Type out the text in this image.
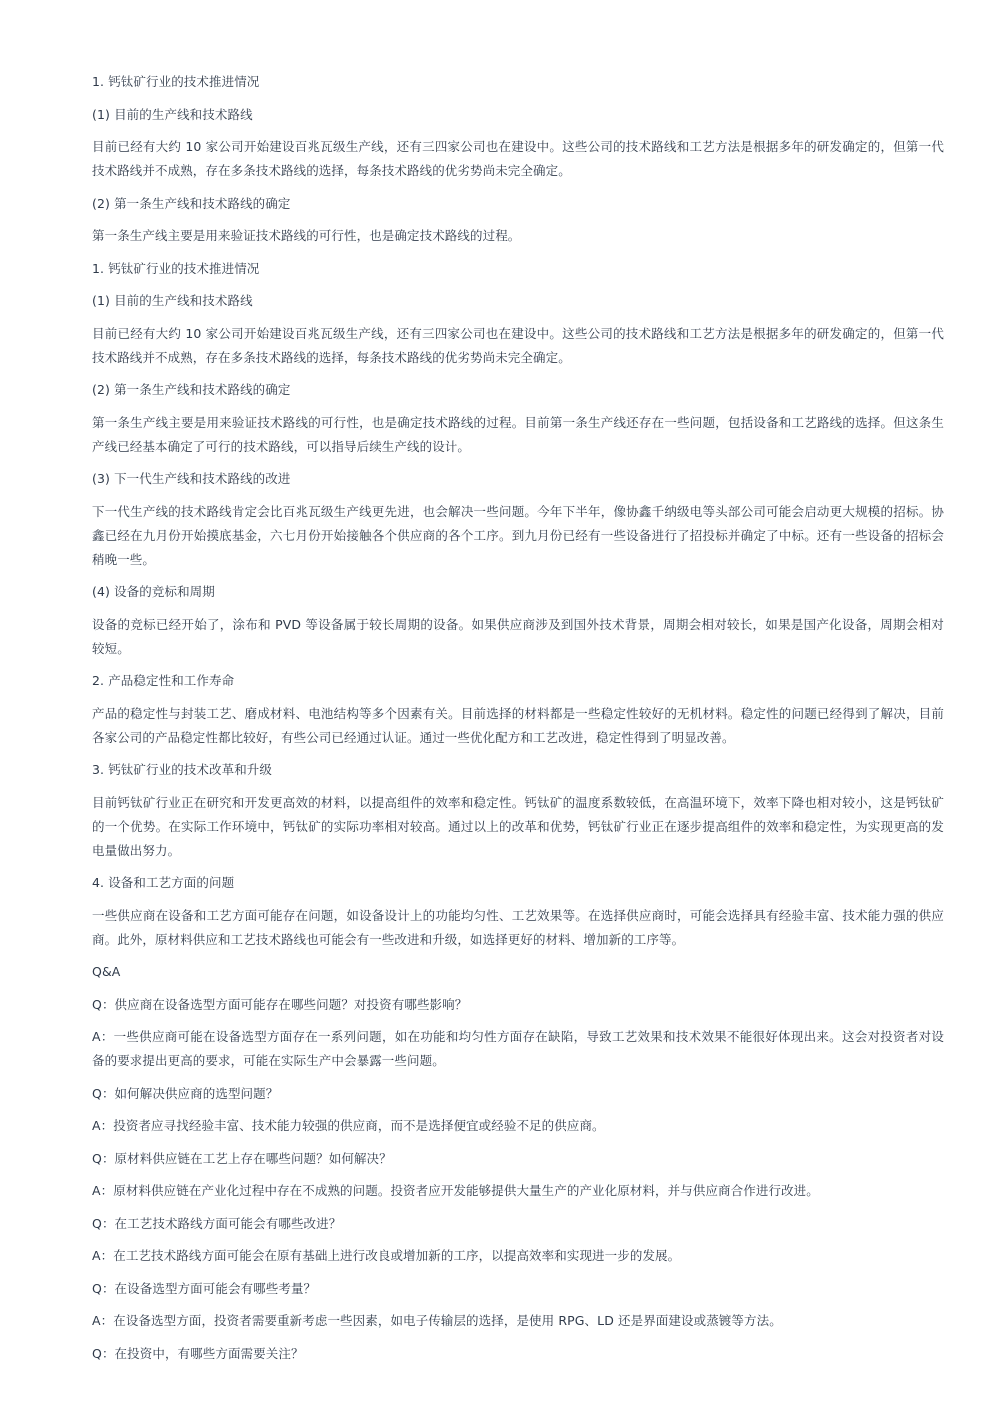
1. 钙钛矿行业的技术推进情况

(1) 目前的生产线和技术路线

目前已经有大约 10 家公司开始建设百兆瓦级生产线，还有三四家公司也在建设中。这些公司的技术路线和工艺方法是根据多年的研发确定的，但第一代技术路线并不成熟，存在多条技术路线的选择，每条技术路线的优劣势尚未完全确定。

(2) 第一条生产线和技术路线的确定

第一条生产线主要是用来验证技术路线的可行性，也是确定技术路线的过程。

1. 钙钛矿行业的技术推进情况

(1) 目前的生产线和技术路线

目前已经有大约 10 家公司开始建设百兆瓦级生产线，还有三四家公司也在建设中。这些公司的技术路线和工艺方法是根据多年的研发确定的，但第一代技术路线并不成熟，存在多条技术路线的选择，每条技术路线的优劣势尚未完全确定。

(2) 第一条生产线和技术路线的确定

第一条生产线主要是用来验证技术路线的可行性，也是确定技术路线的过程。目前第一条生产线还存在一些问题，包括设备和工艺路线的选择。但这条生产线已经基本确定了可行的技术路线，可以指导后续生产线的设计。

(3) 下一代生产线和技术路线的改进

下一代生产线的技术路线肯定会比百兆瓦级生产线更先进，也会解决一些问题。今年下半年，像协鑫千纳级电等头部公司可能会启动更大规模的招标。协鑫已经在九月份开始摸底基金，六七月份开始接触各个供应商的各个工序。到九月份已经有一些设备进行了招投标并确定了中标。还有一些设备的招标会稍晚一些。

(4) 设备的竞标和周期

设备的竞标已经开始了，涂布和 PVD 等设备属于较长周期的设备。如果供应商涉及到国外技术背景，周期会相对较长，如果是国产化设备，周期会相对较短。

2. 产品稳定性和工作寿命

产品的稳定性与封装工艺、磨成材料、电池结构等多个因素有关。目前选择的材料都是一些稳定性较好的无机材料。稳定性的问题已经得到了解决，目前各家公司的产品稳定性都比较好，有些公司已经通过认证。通过一些优化配方和工艺改进，稳定性得到了明显改善。

3. 钙钛矿行业的技术改革和升级

目前钙钛矿行业正在研究和开发更高效的材料，以提高组件的效率和稳定性。钙钛矿的温度系数较低，在高温环境下，效率下降也相对较小，这是钙钛矿的一个优势。在实际工作环境中，钙钛矿的实际功率相对较高。通过以上的改革和优势，钙钛矿行业正在逐步提高组件的效率和稳定性，为实现更高的发电量做出努力。

4. 设备和工艺方面的问题

一些供应商在设备和工艺方面可能存在问题，如设备设计上的功能均匀性、工艺效果等。在选择供应商时，可能会选择具有经验丰富、技术能力强的供应商。此外，原材料供应和工艺技术路线也可能会有一些改进和升级，如选择更好的材料、增加新的工序等。

Q&A

Q：供应商在设备选型方面可能存在哪些问题？对投资有哪些影响？

A：一些供应商可能在设备选型方面存在一系列问题，如在功能和均匀性方面存在缺陷，导致工艺效果和技术效果不能很好体现出来。这会对投资者对设备的要求提出更高的要求，可能在实际生产中会暴露一些问题。

Q：如何解决供应商的选型问题？

A：投资者应寻找经验丰富、技术能力较强的供应商，而不是选择便宜或经验不足的供应商。

Q：原材料供应链在工艺上存在哪些问题？如何解决？

A：原材料供应链在产业化过程中存在不成熟的问题。投资者应开发能够提供大量生产的产业化原材料，并与供应商合作进行改进。

Q：在工艺技术路线方面可能会有哪些改进？

A：在工艺技术路线方面可能会在原有基础上进行改良或增加新的工序，以提高效率和实现进一步的发展。

Q：在设备选型方面可能会有哪些考量？

A：在设备选型方面，投资者需要重新考虑一些因素，如电子传输层的选择，是使用 RPG、LD 还是界面建设或蒸镀等方法。

Q：在投资中，有哪些方面需要关注？
